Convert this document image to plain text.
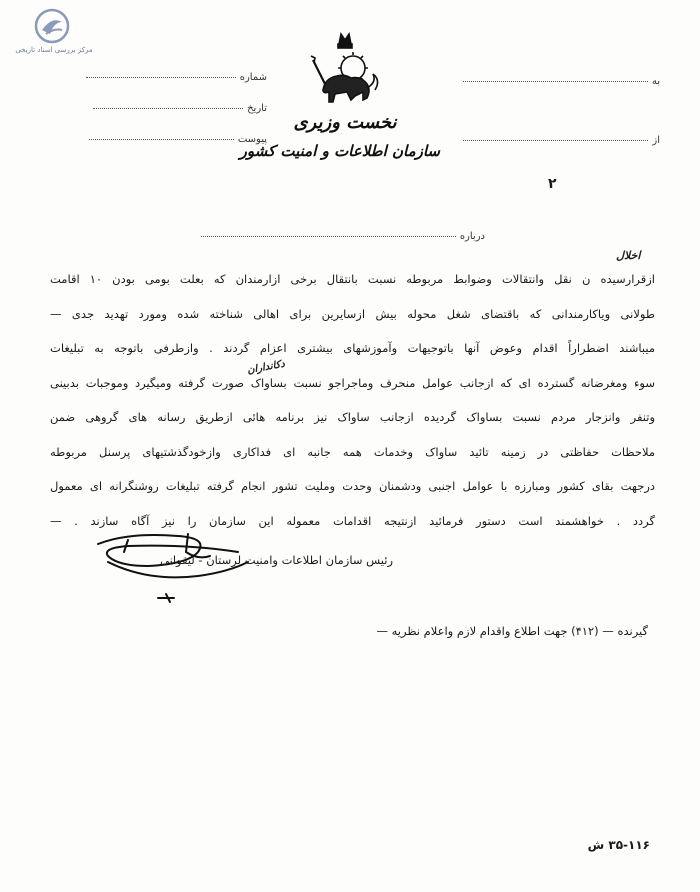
مرکز بررسی اسناد تاریخی
نخست وزیری
سازمان اطلاعات و امنیت کشور
شماره
تاریخ
پیوست
به
از
۲
درباره
اخلال
دکانداران
ازقرارسیده ن نقل وانتقالات وضوابط مربوطه نسبت بانتقال برخی ازارمندان که بعلت بومی بودن ۱۰ اقامت
طولانی ویاکارمندانی که باقتضای شغل محوله بیش ازسایرین برای اهالی شناخته شده ومورد تهدید جدی —
میباشند اضطراراً اقدام وعوض آنها باتوجیهات وآموزشهای بیشتری اعزام گردند . وازطرفی باتوجه به تبلیغات
سوء ومغرضانه گسترده ای که ازجانب عوامل منحرف وماجراجو نسبت بساواک صورت گرفته ومیگیرد وموجبات بدبینی
وتنفر وانزجار مردم نسبت بساواک گردیده ازجانب ساواک نیز برنامه هائی ازطریق رسانه های گروهی ضمن
ملاحظات حفاظتی در زمینه تائید ساواک وخدمات همه جانبه ای فداکاری وازخودگذشتیهای پرسنل مربوطه
درجهت بقای کشور ومبارزه با عوامل اجنبی ودشمنان وحدت وملیت تشور انجام گرفته تبلیغات روشنگرانه ای معمول
گردد . خواهشمند است دستور فرمائید ازنتیجه اقدامات معموله این سازمان را نیز آگاه سازند . —
رئیس سازمان اطلاعات وامنیت لرستان - لیقوانی
گیرنده — (۴۱۲) جهت اطلاع واقدام لازم واعلام نظریه —
۳۵-۱۱۶ ش
